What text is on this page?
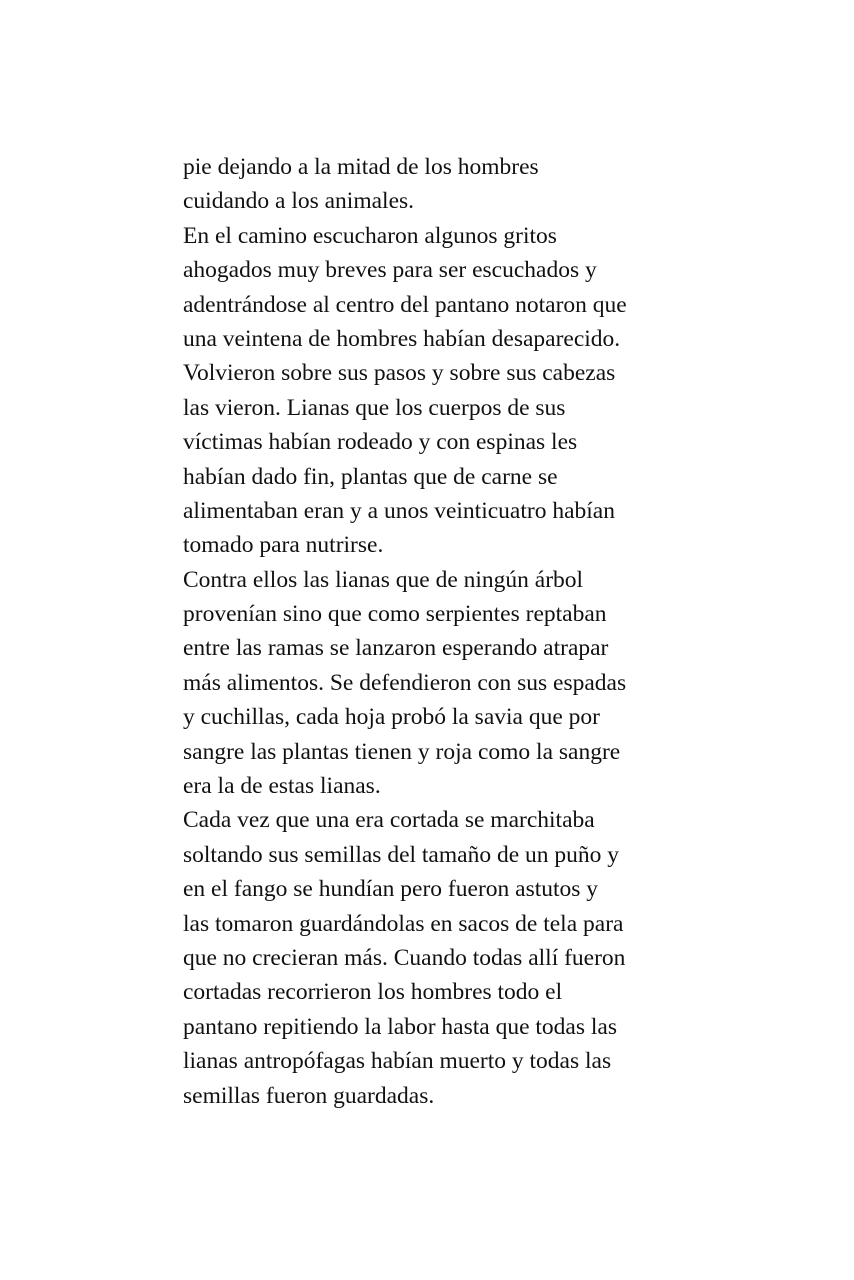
pie dejando a la mitad de los hombres
cuidando a los animales.
En el camino escucharon algunos gritos
ahogados muy breves para ser escuchados y
adentrándose al centro del pantano notaron que
una veintena de hombres habían desaparecido.
Volvieron sobre sus pasos y sobre sus cabezas
las vieron. Lianas que los cuerpos de sus
víctimas habían rodeado y con espinas les
habían dado fin, plantas que de carne se
alimentaban eran y a unos veinticuatro habían
tomado para nutrirse.
Contra ellos las lianas que de ningún árbol
provenían sino que como serpientes reptaban
entre las ramas se lanzaron esperando atrapar
más alimentos. Se defendieron con sus espadas
y cuchillas, cada hoja probó la savia que por
sangre las plantas tienen y roja como la sangre
era la de estas lianas.
Cada vez que una era cortada se marchitaba
soltando sus semillas del tamaño de un puño y
en el fango se hundían pero fueron astutos y
las tomaron guardándolas en sacos de tela para
que no crecieran más. Cuando todas allí fueron
cortadas recorrieron los hombres todo el
pantano repitiendo la labor hasta que todas las
lianas antropófagas habían muerto y todas las
semillas fueron guardadas.
